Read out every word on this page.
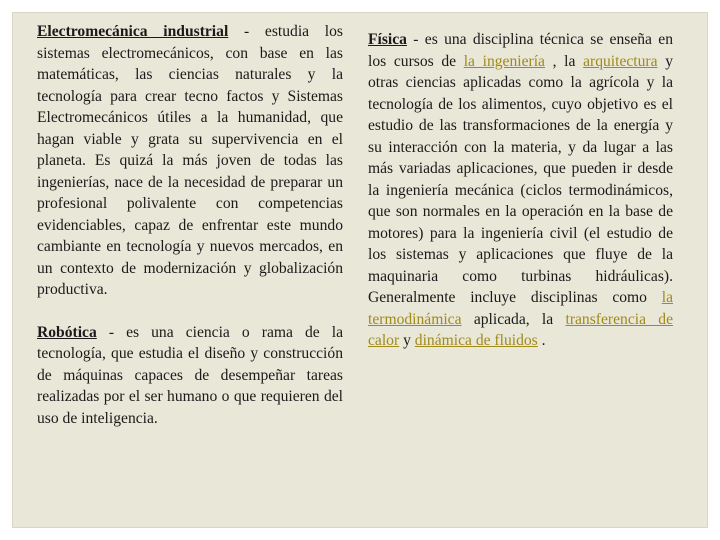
Electromecánica industrial - estudia los sistemas electromecánicos, con base en las matemáticas, las ciencias naturales y la tecnología para crear tecno factos y Sistemas Electromecánicos útiles a la humanidad, que hagan viable y grata su supervivencia en el planeta. Es quizá la más joven de todas las ingenierías, nace de la necesidad de preparar un profesional polivalente con competencias evidenciables, capaz de enfrentar este mundo cambiante en tecnología y nuevos mercados, en un contexto de modernización y globalización productiva.

Robótica - es una ciencia o rama de la tecnología, que estudia el diseño y construcción de máquinas capaces de desempeñar tareas realizadas por el ser humano o que requieren del uso de inteligencia.

Física - es una disciplina técnica se enseña en los cursos de la ingeniería , la arquitectura y otras ciencias aplicadas como la agrícola y la tecnología de los alimentos, cuyo objetivo es el estudio de las transformaciones de la energía y su interacción con la materia, y da lugar a las más variadas aplicaciones, que pueden ir desde la ingeniería mecánica (ciclos termodinámicos, que son normales en la operación en la base de motores) para la ingeniería civil (el estudio de los sistemas y aplicaciones que fluye de la maquinaria como turbinas hidráulicas). Generalmente incluye disciplinas como la termodinámica aplicada, la transferencia de calor y dinámica de fluidos .
